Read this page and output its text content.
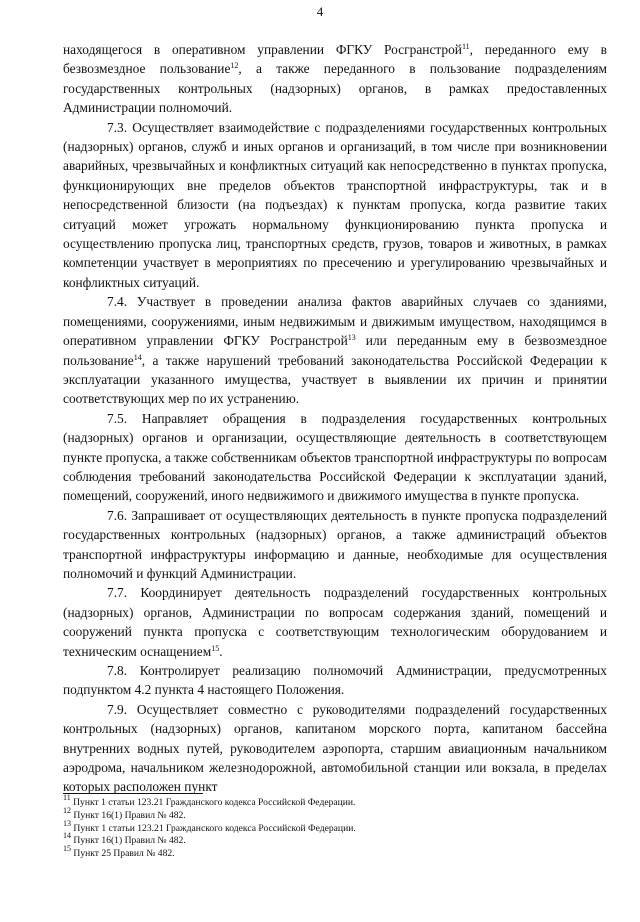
4

находящегося в оперативном управлении ФГКУ Росгранстрой$^{11}$, переданного ему в безвозмездное пользование$^{12}$, а также переданного в пользование подразделениям государственных контрольных (надзорных) органов, в рамках предоставленных Администрации полномочий.

7.3. Осуществляет взаимодействие с подразделениями государственных контрольных (надзорных) органов, служб и иных органов и организаций, в том числе при возникновении аварийных, чрезвычайных и конфликтных ситуаций как непосредственно в пунктах пропуска, функционирующих вне пределов объектов транспортной инфраструктуры, так и в непосредственной близости (на подъездах) к пунктам пропуска, когда развитие таких ситуаций может угрожать нормальному функционированию пункта пропуска и осуществлению пропуска лиц, транспортных средств, грузов, товаров и животных, в рамках компетенции участвует в мероприятиях по пресечению и урегулированию чрезвычайных и конфликтных ситуаций.

7.4. Участвует в проведении анализа фактов аварийных случаев со зданиями, помещениями, сооружениями, иным недвижимым и движимым имуществом, находящимся в оперативном управлении ФГКУ Росгранстрой$^{13}$ или переданным ему в безвозмездное пользование$^{14}$, а также нарушений требований законодательства Российской Федерации к эксплуатации указанного имущества, участвует в выявлении их причин и принятии соответствующих мер по их устранению.

7.5. Направляет обращения в подразделения государственных контрольных (надзорных) органов и организации, осуществляющие деятельность в соответствующем пункте пропуска, а также собственникам объектов транспортной инфраструктуры по вопросам соблюдения требований законодательства Российской Федерации к эксплуатации зданий, помещений, сооружений, иного недвижимого и движимого имущества в пункте пропуска.

7.6. Запрашивает от осуществляющих деятельность в пункте пропуска подразделений государственных контрольных (надзорных) органов, а также администраций объектов транспортной инфраструктуры информацию и данные, необходимые для осуществления полномочий и функций Администрации.

7.7. Координирует деятельность подразделений государственных контрольных (надзорных) органов, Администрации по вопросам содержания зданий, помещений и сооружений пункта пропуска с соответствующим технологическим оборудованием и техническим оснащением$^{15}$.

7.8. Контролирует реализацию полномочий Администрации, предусмотренных подпунктом 4.2 пункта 4 настоящего Положения.

7.9. Осуществляет совместно с руководителями подразделений государственных контрольных (надзорных) органов, капитаном морского порта, капитаном бассейна внутренних водных путей, руководителем аэропорта, старшим авиационным начальником аэродрома, начальником железнодорожной, автомобильной станции или вокзала, в пределах которых расположен пункт

$^{11}$ Пункт 1 статьи 123.21 Гражданского кодекса Российской Федерации.
$^{12}$ Пункт 16(1) Правил № 482.
$^{13}$ Пункт 1 статьи 123.21 Гражданского кодекса Российской Федерации.
$^{14}$ Пункт 16(1) Правил № 482.
$^{15}$ Пункт 25 Правил № 482.
